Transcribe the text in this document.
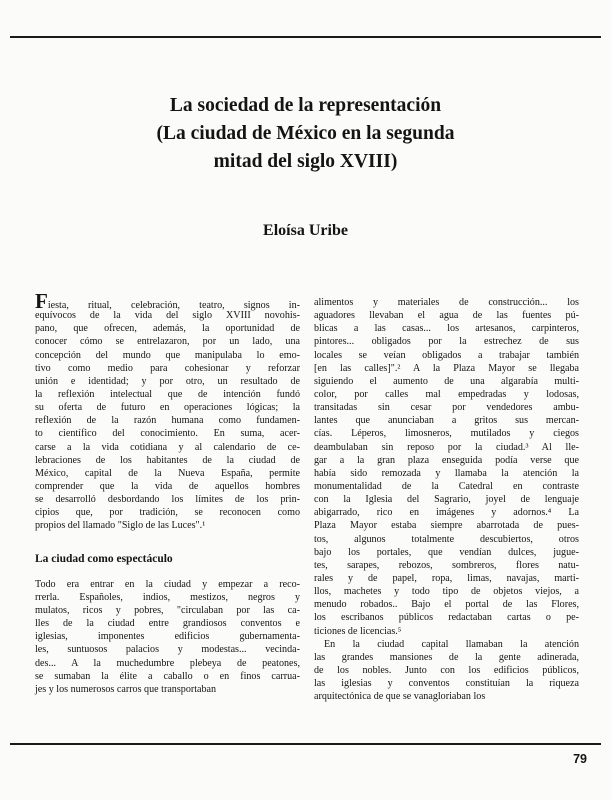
La sociedad de la representación
(La ciudad de México en la segunda
mitad del siglo XVIII)
Eloísa Uribe
Fiesta, ritual, celebración, teatro, signos in-
equívocos de la vida del siglo XVIII novohis-
pano, que ofrecen, además, la oportunidad de
conocer cómo se entrelazaron, por un lado, una
concepción del mundo que manipulaba lo emo-
tivo como medio para cohesionar y reforzar
unión e identidad; y por otro, un resultado de
la reflexión intelectual que de intención fundó
su oferta de futuro en operaciones lógicas; la
reflexión de la razón humana como fundamen-
to científico del conocimiento. En suma, acer-
carse a la vida cotidiana y al calendario de ce-
lebraciones de los habitantes de la ciudad de
México, capital de la Nueva España, permite
comprender que la vida de aquellos hombres
se desarrolló desbordando los límites de los prin-
cipios que, por tradición, se reconocen como
propios del llamado "Siglo de las Luces".¹
La ciudad como espectáculo
Todo era entrar en la ciudad y empezar a reco-
rrerla. Españoles, indios, mestizos, negros y
mulatos, ricos y pobres, "circulaban por las ca-
lles de la ciudad entre grandiosos conventos e
iglesias, imponentes edificios gubernamenta-
les, suntuosos palacios y modestas... vecinda-
des... A la muchedumbre plebeya de peatones,
se sumaban la élite a caballo o en finos carrua-
jes y los numerosos carros que transportaban
alimentos y materiales de construcción... los
aguadores llevaban el agua de las fuentes pú-
blicas a las casas... los artesanos, carpinteros,
pintores... obligados por la estrechez de sus
locales se veían obligados a trabajar también
[en las calles]".² A la Plaza Mayor se llegaba
siguiendo el aumento de una algarabía multi-
color, por calles mal empedradas y lodosas,
transitadas sin cesar por vendedores ambu-
lantes que anunciaban a gritos sus mercan-
cías. Léperos, limosneros, mutilados y ciegos
deambulaban sin reposo por la ciudad.³ Al lle-
gar a la gran plaza enseguida podía verse que
había sido remozada y llamaba la atención la
monumentalidad de la Catedral en contraste
con la Iglesia del Sagrario, joyel de lenguaje
abigarrado, rico en imágenes y adornos.⁴ La
Plaza Mayor estaba siempre abarrotada de pues-
tos, algunos totalmente descubiertos, otros
bajo los portales, que vendían dulces, jugue-
tes, sarapes, rebozos, sombreros, flores natu-
rales y de papel, ropa, limas, navajas, marti-
llos, machetes y todo tipo de objetos viejos, a
menudo robados.. Bajo el portal de las Flores,
los escribanos públicos redactaban cartas o pe-
ticiones de licencias.⁵
En la ciudad capital llamaban la atención
las grandes mansiones de la gente adinerada,
de los nobles. Junto con los edificios públicos,
las iglesias y conventos constituían la riqueza
arquitectónica de que se vanagloriaban los
79
